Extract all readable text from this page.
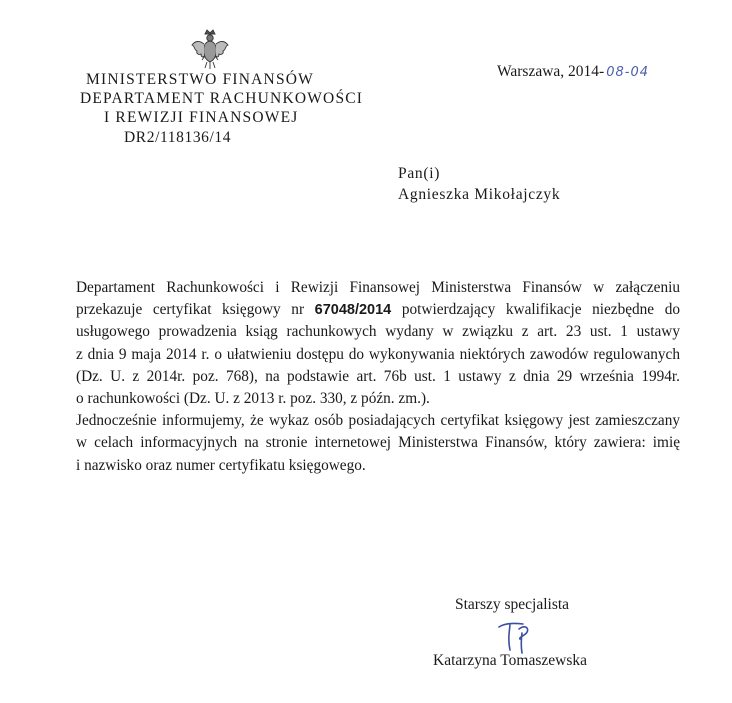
MINISTERSTWO FINANSÓW
DEPARTAMENT RACHUNKOWOŚCI
I REWIZJI FINANSOWEJ
DR2/118136/14
Warszawa, 2014- 08-04
Pan(i)
Agnieszka Mikołajczyk

Departament Rachunkowości i Rewizji Finansowej Ministerstwa Finansów w załączeniu
przekazuje certyfikat księgowy nr 67048/2014 potwierdzający kwalifikacje niezbędne do
usługowego prowadzenia ksiąg rachunkowych wydany w związku z art. 23 ust. 1 ustawy
z dnia 9 maja 2014 r. o ułatwieniu dostępu do wykonywania niektórych zawodów regulowanych
(Dz. U. z 2014r. poz. 768), na podstawie art. 76b ust. 1 ustawy z dnia 29 września 1994r.
o rachunkowości (Dz. U. z 2013 r. poz. 330, z późn. zm.).

Jednocześnie informujemy, że wykaz osób posiadających certyfikat księgowy jest zamieszczany
w celach informacyjnych na stronie internetowej Ministerstwa Finansów, który zawiera: imię
i nazwisko oraz numer certyfikatu księgowego.

Starszy specjalista
Katarzyna Tomaszewska
